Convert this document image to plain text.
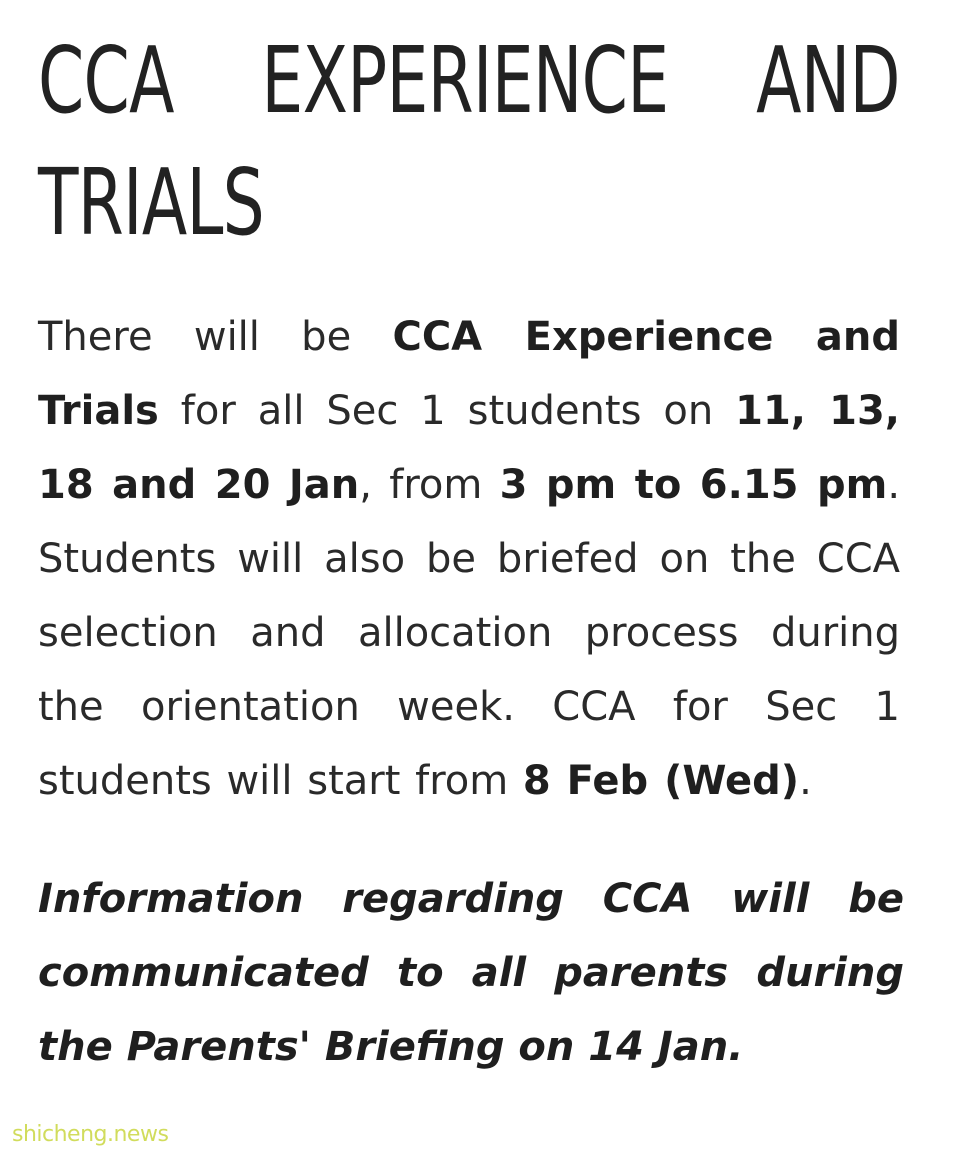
CCA EXPERIENCE AND
TRIALS

There will be CCA Experience and Trials for all Sec 1 students on 11, 13, 18 and 20 Jan, from 3 pm to 6.15 pm. Students will also be briefed on the CCA selection and allocation process during the orientation week. CCA for Sec 1 students will start from 8 Feb (Wed).

Information regarding CCA will be communicated to all parents during the Parents' Briefing on 14 Jan.

shicheng.news
